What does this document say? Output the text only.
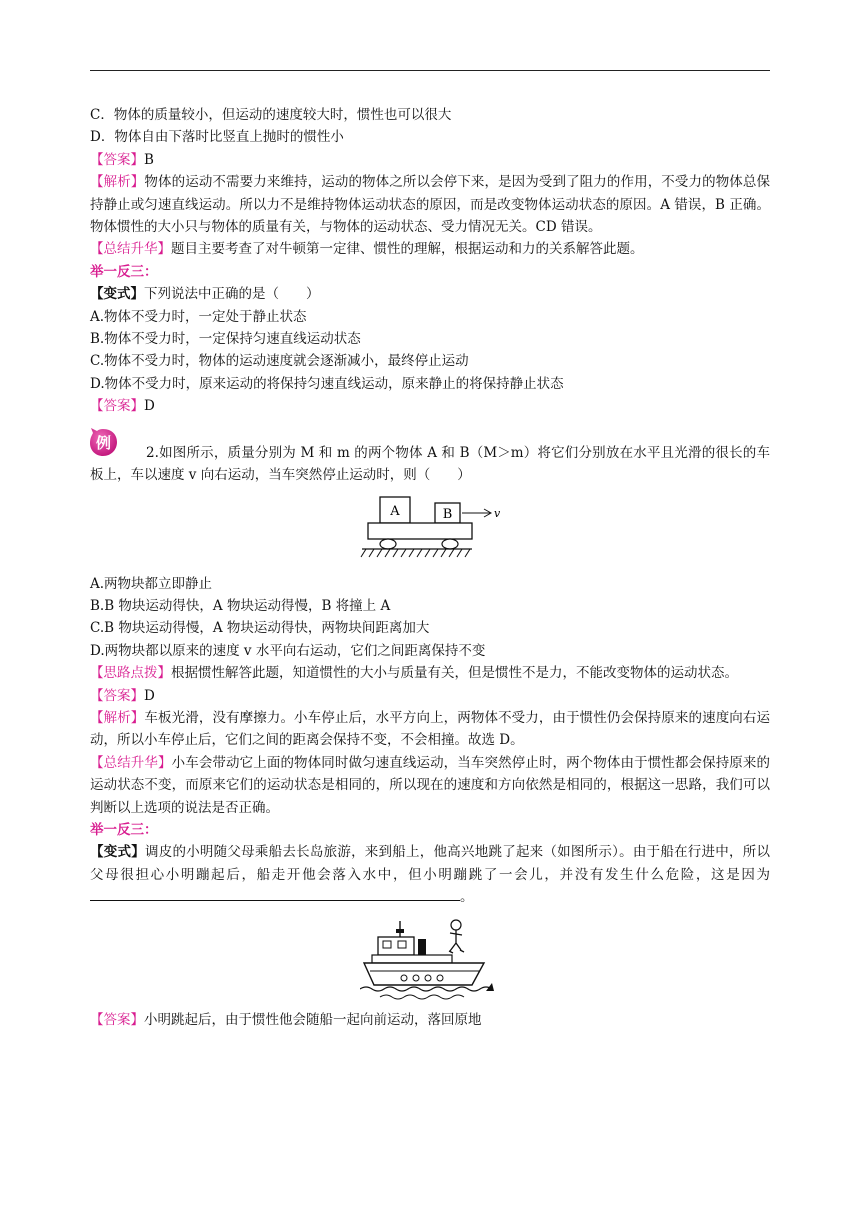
C．物体的质量较小，但运动的速度较大时，惯性也可以很大

D．物体自由下落时比竖直上抛时的惯性小

【答案】B

【解析】物体的运动不需要力来维持，运动的物体之所以会停下来，是因为受到了阻力的作用，不受力的物体总保持静止或匀速直线运动。所以力不是维持物体运动状态的原因，而是改变物体运动状态的原因。A 错误，B 正确。物体惯性的大小只与物体的质量有关，与物体的运动状态、受力情况无关。CD 错误。

【总结升华】题目主要考查了对牛顿第一定律、惯性的理解，根据运动和力的关系解答此题。

举一反三：

【变式】下列说法中正确的是（　　）

A.物体不受力时，一定处于静止状态

B.物体不受力时，一定保持匀速直线运动状态

C.物体不受力时，物体的运动速度就会逐渐减小，最终停止运动

D.物体不受力时，原来运动的将保持匀速直线运动，原来静止的将保持静止状态

【答案】D

例

2.如图所示，质量分别为 M 和 m 的两个物体 A 和 B（M＞m）将它们分别放在水平且光滑的很长的车板上，车以速度 v 向右运动，当车突然停止运动时，则（　　）

A	B	v

A.两物块都立即静止

B.B 物块运动得快，A 物块运动得慢，B 将撞上 A

C.B 物块运动得慢，A 物块运动得快，两物块间距离加大

D.两物块都以原来的速度 v 水平向右运动，它们之间距离保持不变

【思路点拨】根据惯性解答此题，知道惯性的大小与质量有关，但是惯性不是力，不能改变物体的运动状态。

【答案】D

【解析】车板光滑，没有摩擦力。小车停止后，水平方向上，两物体不受力，由于惯性仍会保持原来的速度向右运动，所以小车停止后，它们之间的距离会保持不变，不会相撞。故选 D。

【总结升华】小车会带动它上面的物体同时做匀速直线运动，当车突然停止时，两个物体由于惯性都会保持原来的运动状态不变，而原来它们的运动状态是相同的，所以现在的速度和方向依然是相同的，根据这一思路，我们可以判断以上选项的说法是否正确。

举一反三：

【变式】调皮的小明随父母乘船去长岛旅游，来到船上，他高兴地跳了起来（如图所示）。由于船在行进中，所以父母很担心小明蹦起后，船走开他会落入水中，但小明蹦跳了一会儿，并没有发生什么危险，这是因为。

【答案】小明跳起后，由于惯性他会随船一起向前运动，落回原地
